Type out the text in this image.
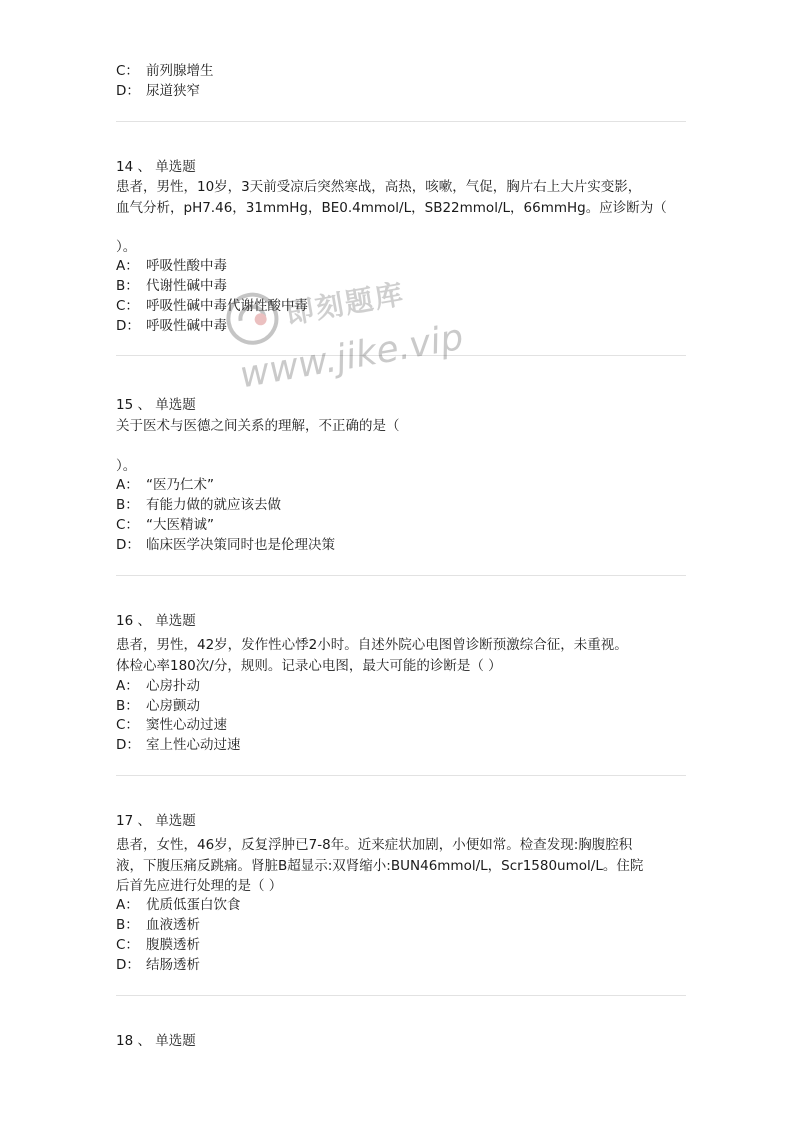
C： 前列腺增生
D： 尿道狭窄
14 、 单选题
患者，男性，10岁，3天前受凉后突然寒战，高热，咳嗽，气促，胸片右上大片实变影，
血气分析，pH7.46，31mmHg，BE0.4mmol/L，SB22mmol/L，66mmHg。应诊断为（
）。
A： 呼吸性酸中毒
B： 代谢性碱中毒
C： 呼吸性碱中毒代谢性酸中毒
D： 呼吸性碱中毒
15 、 单选题
关于医术与医德之间关系的理解，不正确的是（
）。
A： “医乃仁术”
B： 有能力做的就应该去做
C： “大医精诚”
D： 临床医学决策同时也是伦理决策
16 、 单选题
患者，男性，42岁，发作性心悸2小时。自述外院心电图曾诊断预激综合征，未重视。
体检心率180次/分，规则。记录心电图，最大可能的诊断是（ ）
A： 心房扑动
B： 心房颤动
C： 窦性心动过速
D： 室上性心动过速
17 、 单选题
患者，女性，46岁，反复浮肿已7-8年。近来症状加剧，小便如常。检查发现:胸腹腔积
液，下腹压痛反跳痛。肾脏B超显示:双肾缩小:BUN46mmol/L，Scr1580umol/L。住院
后首先应进行处理的是（ ）
A： 优质低蛋白饮食
B： 血液透析
C： 腹膜透析
D： 结肠透析
18 、 单选题
即刻题库
www.jike.vip
